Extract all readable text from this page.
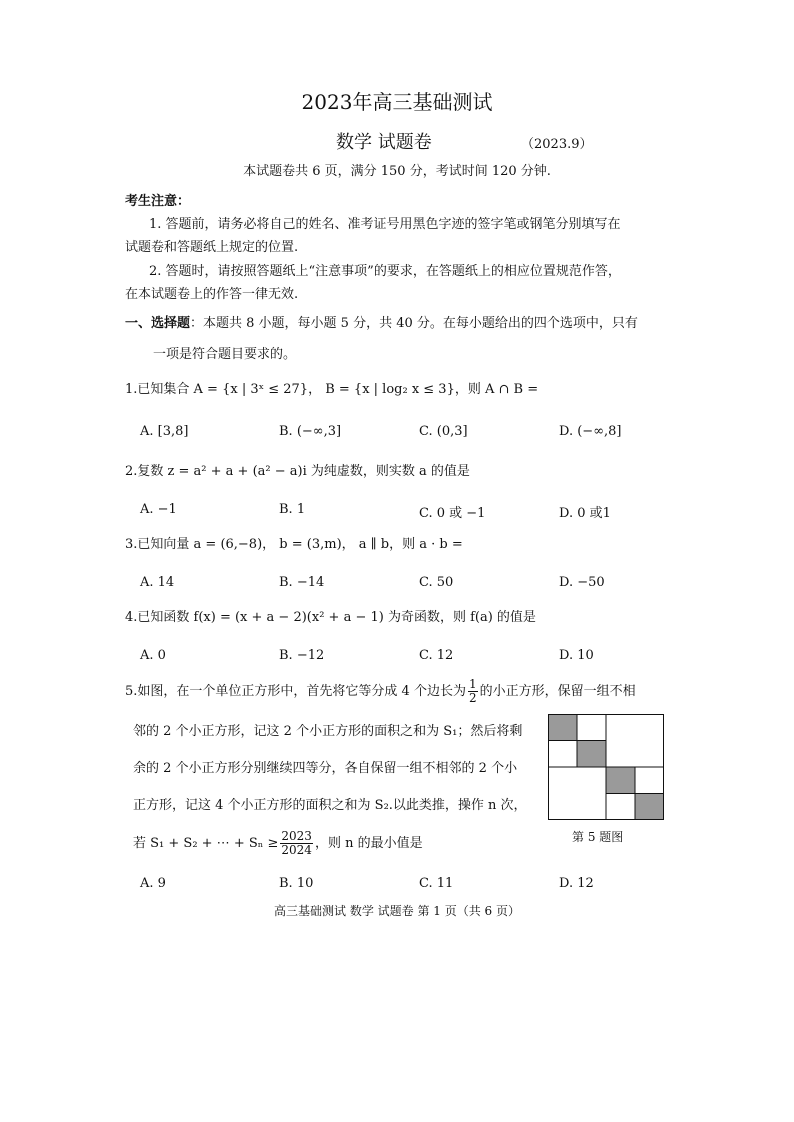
2023年高三基础测试
数学 试题卷	（2023.9）
本试题卷共 6 页，满分 150 分，考试时间 120 分钟.
考生注意：
1. 答题前，请务必将自己的姓名、准考证号用黑色字迹的签字笔或钢笔分别填写在
试题卷和答题纸上规定的位置.
2. 答题时，请按照答题纸上“注意事项”的要求，在答题纸上的相应位置规范作答，
在本试题卷上的作答一律无效.
一、选择题：本题共 8 小题，每小题 5 分，共 40 分。在每小题给出的四个选项中，只有
一项是符合题目要求的。
1.已知集合 A = {x | 3ˣ ≤ 27}， B = {x | log₂ x ≤ 3}，则 A ∩ B =
A. [3,8]	B. (−∞,3]	C. (0,3]	D. (−∞,8]
2.复数 z = a² + a + (a² − a)i 为纯虚数，则实数 a 的值是
A. −1	B. 1	C. 0 或 −1	D. 0 或1
3.已知向量 a = (6,−8)， b = (3,m)， a ∥ b，则 a · b =
A. 14	B. −14	C. 50	D. −50
4.已知函数 f(x) = (x + a − 2)(x² + a − 1) 为奇函数，则 f(a) 的值是
A. 0	B. −12	C. 12	D. 10
5.如图，在一个单位正方形中，首先将它等分成 4 个边长为 $\frac{1}{2}$ 的小正方形，保留一组不相
邻的 2 个小正方形，记这 2 个小正方形的面积之和为 S₁；然后将剩
余的 2 个小正方形分别继续四等分，各自保留一组不相邻的 2 个小
正方形，记这 4 个小正方形的面积之和为 S₂.以此类推，操作 n 次，
若 S₁ + S₂ + ⋯ + $S_n \ge \frac{2023}{2024}$ ，则 n 的最小值是	第 5 题图
A. 9	B. 10	C. 11	D. 12
高三基础测试 数学 试题卷 第 1 页（共 6 页）
